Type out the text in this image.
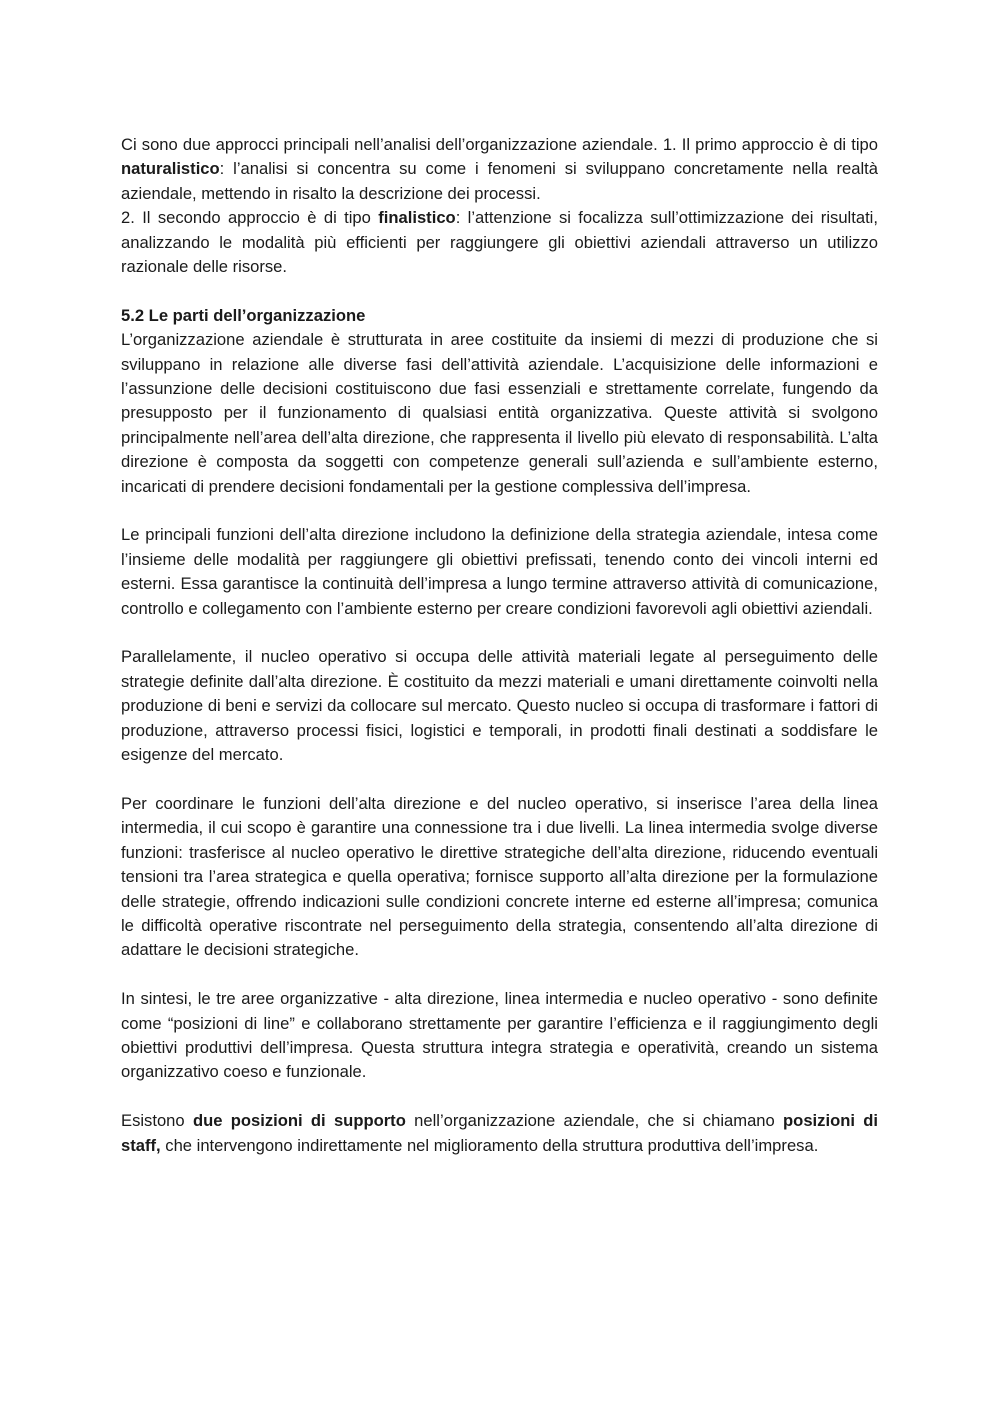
Ci sono due approcci principali nell’analisi dell’organizzazione aziendale. 1. Il primo approccio è di tipo naturalistico: l’analisi si concentra su come i fenomeni si sviluppano concretamente nella realtà aziendale, mettendo in risalto la descrizione dei processi.

2. Il secondo approccio è di tipo finalistico: l’attenzione si focalizza sull’ottimizzazione dei risultati, analizzando le modalità più efficienti per raggiungere gli obiettivi aziendali attraverso un utilizzo razionale delle risorse.

5.2 Le parti dell’organizzazione

L’organizzazione aziendale è strutturata in aree costituite da insiemi di mezzi di produzione che si sviluppano in relazione alle diverse fasi dell’attività aziendale. L’acquisizione delle informazioni e l’assunzione delle decisioni costituiscono due fasi essenziali e strettamente correlate, fungendo da presupposto per il funzionamento di qualsiasi entità organizzativa. Queste attività si svolgono principalmente nell’area dell’alta direzione, che rappresenta il livello più elevato di responsabilità. L’alta direzione è composta da soggetti con competenze generali sull’azienda e sull’ambiente esterno, incaricati di prendere decisioni fondamentali per la gestione complessiva dell’impresa.

Le principali funzioni dell’alta direzione includono la definizione della strategia aziendale, intesa come l’insieme delle modalità per raggiungere gli obiettivi prefissati, tenendo conto dei vincoli interni ed esterni. Essa garantisce la continuità dell’impresa a lungo termine attraverso attività di comunicazione, controllo e collegamento con l’ambiente esterno per creare condizioni favorevoli agli obiettivi aziendali.

Parallelamente, il nucleo operativo si occupa delle attività materiali legate al perseguimento delle strategie definite dall’alta direzione. È costituito da mezzi materiali e umani direttamente coinvolti nella produzione di beni e servizi da collocare sul mercato. Questo nucleo si occupa di trasformare i fattori di produzione, attraverso processi fisici, logistici e temporali, in prodotti finali destinati a soddisfare le esigenze del mercato.

Per coordinare le funzioni dell’alta direzione e del nucleo operativo, si inserisce l’area della linea intermedia, il cui scopo è garantire una connessione tra i due livelli. La linea intermedia svolge diverse funzioni: trasferisce al nucleo operativo le direttive strategiche dell’alta direzione, riducendo eventuali tensioni tra l’area strategica e quella operativa; fornisce supporto all’alta direzione per la formulazione delle strategie, offrendo indicazioni sulle condizioni concrete interne ed esterne all’impresa; comunica le difficoltà operative riscontrate nel perseguimento della strategia, consentendo all’alta direzione di adattare le decisioni strategiche.

In sintesi, le tre aree organizzative - alta direzione, linea intermedia e nucleo operativo - sono definite come “posizioni di line” e collaborano strettamente per garantire l’efficienza e il raggiungimento degli obiettivi produttivi dell’impresa. Questa struttura integra strategia e operatività, creando un sistema organizzativo coeso e funzionale.

Esistono due posizioni di supporto nell’organizzazione aziendale, che si chiamano posizioni di staff, che intervengono indirettamente nel miglioramento della struttura produttiva dell’impresa.
